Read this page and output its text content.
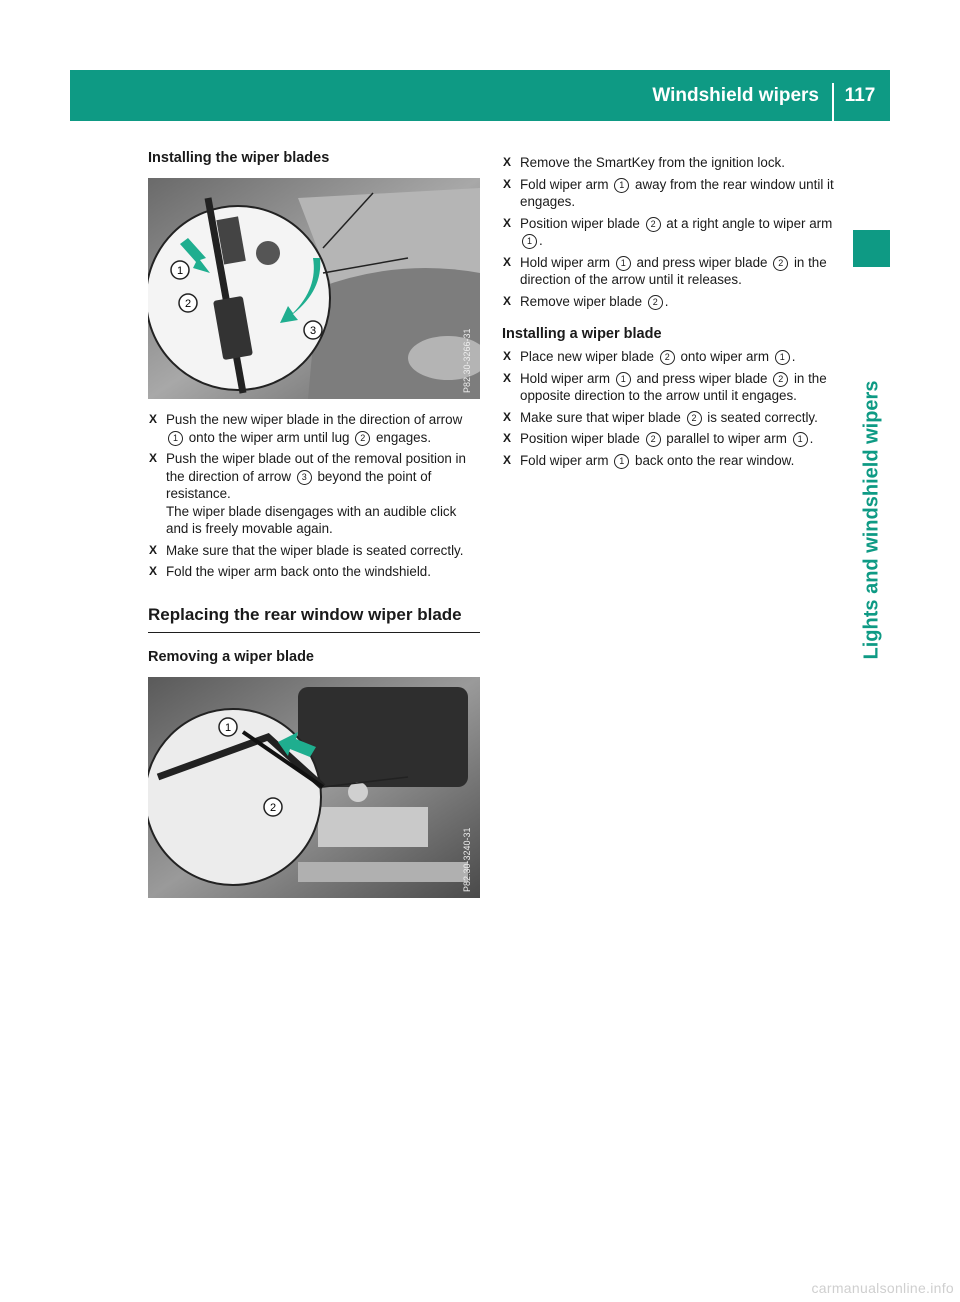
Windshield wipers	117
Lights and windshield wipers
Installing the wiper blades
1
2
3	P82.30-3266-31
X Push the new wiper blade in the direction of arrow 1 onto the wiper arm until lug 2 engages.
X Push the wiper blade out of the removal position in the direction of arrow 3 beyond the point of resistance.
The wiper blade disengages with an audible click and is freely movable again.
X Make sure that the wiper blade is seated correctly.
X Fold the wiper arm back onto the windshield.
Replacing the rear window wiper blade
Removing a wiper blade
1
2
P82.30-3240-31
X Remove the SmartKey from the ignition lock.
X Fold wiper arm 1 away from the rear window until it engages.
X Position wiper blade 2 at a right angle to wiper arm 1 .
X Hold wiper arm 1 and press wiper blade 2 in the direction of the arrow until it releases.
X Remove wiper blade 2 .
Installing a wiper blade
X Place new wiper blade 2 onto wiper arm 1 .
X Hold wiper arm 1 and press wiper blade 2 in the opposite direction to the arrow until it engages.
X Make sure that wiper blade 2 is seated correctly.
X Position wiper blade 2 parallel to wiper arm 1 .
X Fold wiper arm 1 back onto the rear window.
carmanualsonline.info
